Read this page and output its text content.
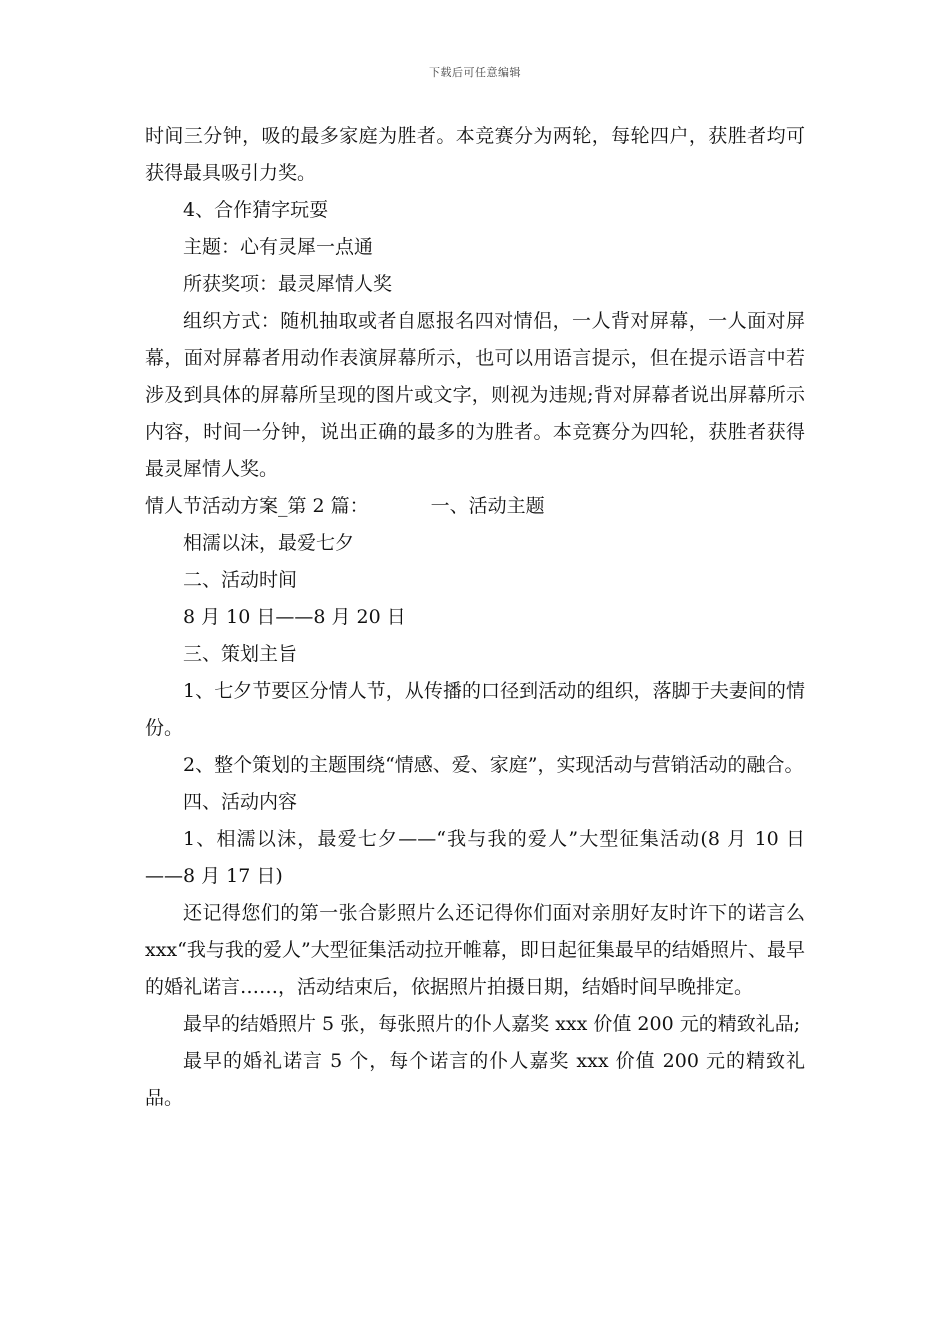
下载后可任意编辑

时间三分钟，吸的最多家庭为胜者。本竞赛分为两轮，每轮四户，获胜者均可获得最具吸引力奖。

4、合作猜字玩耍

主题：心有灵犀一点通

所获奖项：最灵犀情人奖

组织方式：随机抽取或者自愿报名四对情侣，一人背对屏幕，一人面对屏幕，面对屏幕者用动作表演屏幕所示，也可以用语言提示，但在提示语言中若涉及到具体的屏幕所呈现的图片或文字，则视为违规;背对屏幕者说出屏幕所示内容，时间一分钟，说出正确的最多的为胜者。本竞赛分为四轮，获胜者获得最灵犀情人奖。

情人节活动方案_第 2 篇：	一、活动主题

相濡以沫，最爱七夕

二、活动时间

8 月 10 日——8 月 20 日

三、策划主旨

1、七夕节要区分情人节，从传播的口径到活动的组织，落脚于夫妻间的情份。

2、整个策划的主题围绕“情感、爱、家庭”，实现活动与营销活动的融合。

四、活动内容

1、相濡以沫，最爱七夕——“我与我的爱人”大型征集活动(8 月 10 日——8 月 17 日)

还记得您们的第一张合影照片么还记得你们面对亲朋好友时许下的诺言么 xxx“我与我的爱人”大型征集活动拉开帷幕，即日起征集最早的结婚照片、最早的婚礼诺言……，活动结束后，依据照片拍摄日期，结婚时间早晚排定。

最早的结婚照片 5 张，每张照片的仆人嘉奖 xxx 价值 200 元的精致礼品;

最早的婚礼诺言 5 个，每个诺言的仆人嘉奖 xxx 价值 200 元的精致礼品。
